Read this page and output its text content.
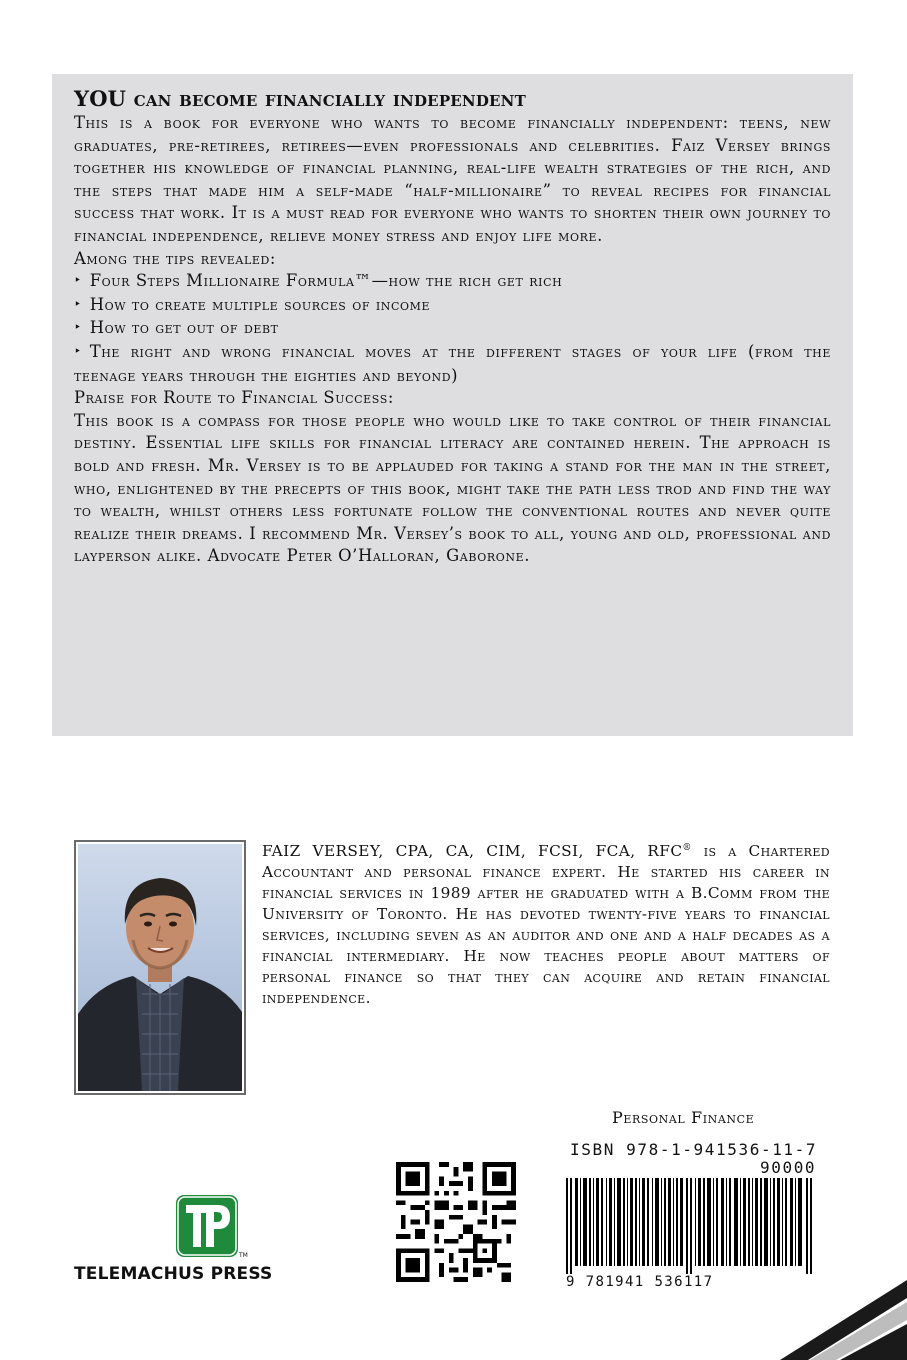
YOU can become financially independent

This is a book for everyone who wants to become financially independent: teens, new graduates, pre-retirees, retirees—even professionals and celebrities. Faiz Versey brings together his knowledge of financial planning, real-life wealth strategies of the rich, and the steps that made him a self-made “half-millionaire” to reveal recipes for financial success that work. It is a must read for everyone who wants to shorten their own journey to financial independence, relieve money stress and enjoy life more.

Among the tips revealed:

‣ Four Steps Millionaire Formula™—how the rich get rich
‣ How to create multiple sources of income
‣ How to get out of debt
‣ The right and wrong financial moves at the different stages of your life (from the teenage years through the eighties and beyond)

Praise for Route to Financial Success:

This book is a compass for those people who would like to take control of their financial destiny. Essential life skills for financial literacy are contained herein. The approach is bold and fresh. Mr. Versey is to be applauded for taking a stand for the man in the street, who, enlightened by the precepts of this book, might take the path less trod and find the way to wealth, whilst others less fortunate follow the conventional routes and never quite realize their dreams. I recommend Mr. Versey’s book to all, young and old, professional and layperson alike. Advocate Peter O’Halloran, Gaborone.

FAIZ VERSEY, CPA, CA, CIM, FCSI, FCA, RFC® is a Chartered Accountant and personal finance expert. He started his career in financial services in 1989 after he graduated with a B.Comm from the University of Toronto. He has devoted twenty-five years to financial services, including seven as an auditor and one and a half decades as a financial intermediary. He now teaches people about matters of personal finance so that they can acquire and retain financial independence.

Personal Finance
ISBN 978-1-941536-11-7
90000
9 781941 536117
TM
TELEMACHUS PRESS
